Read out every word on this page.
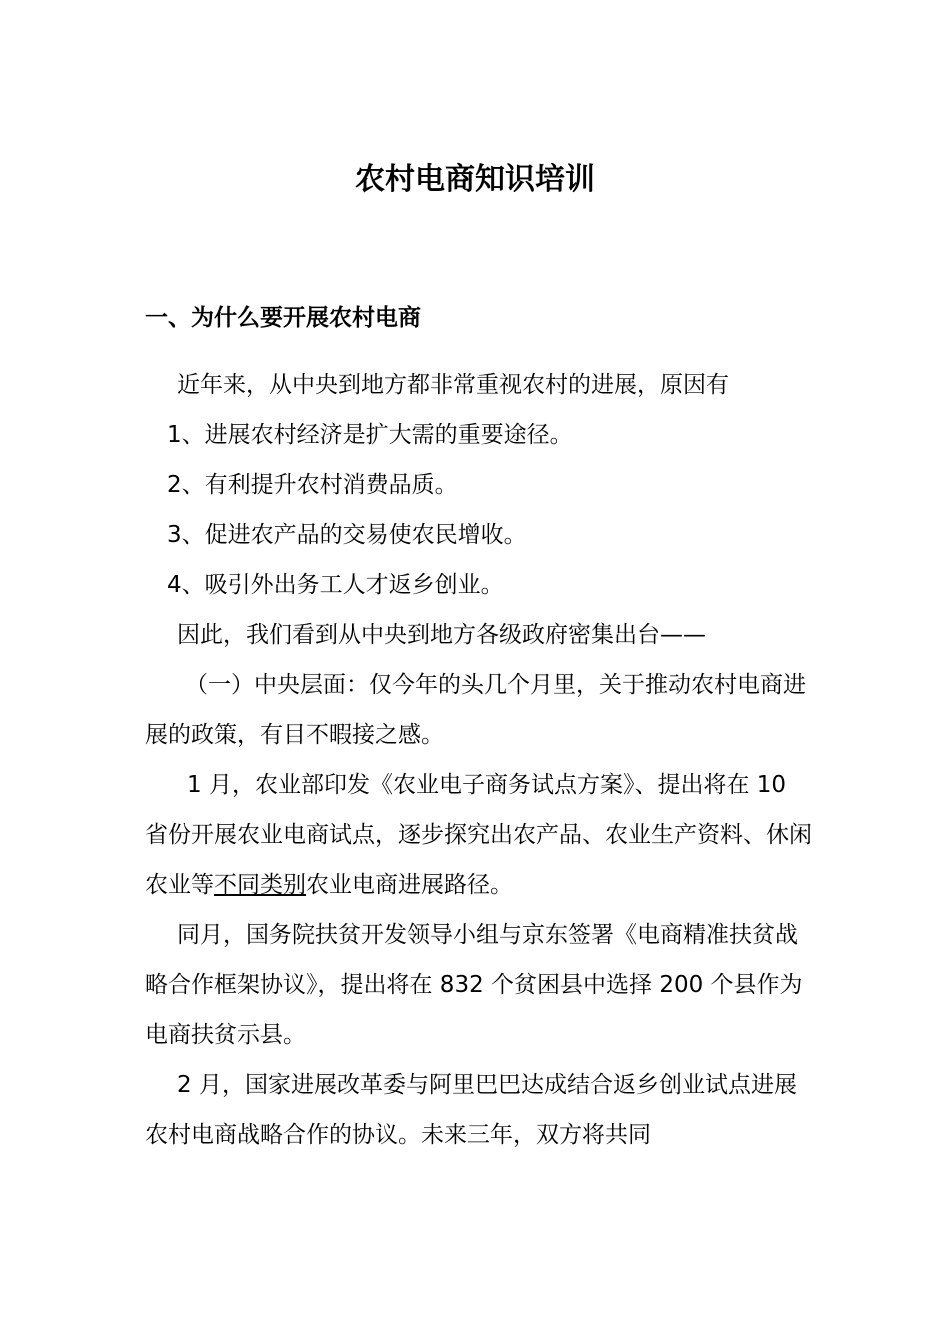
农村电商知识培训
一、为什么要开展农村电商

近年来，从中央到地方都非常重视农村的进展，原因有

1、进展农村经济是扩大需的重要途径。

2、有利提升农村消费品质。

3、促进农产品的交易使农民增收。

4、吸引外出务工人才返乡创业。

因此，我们看到从中央到地方各级政府密集出台——

（一）中央层面：仅今年的头几个月里，关于推动农村电商进展的政策，有目不暇接之感。

1 月，农业部印发《农业电子商务试点方案》、提出将在 10 省份开展农业电商试点，逐步探究出农产品、农业生产资料、休闲农业等不同类别农业电商进展路径。

同月，国务院扶贫开发领导小组与京东签署《电商精准扶贫战略合作框架协议》，提出将在 832 个贫困县中选择 200 个县作为电商扶贫示县。

2 月，国家进展改革委与阿里巴巴达成结合返乡创业试点进展农村电商战略合作的协议。未来三年，双方将共同
